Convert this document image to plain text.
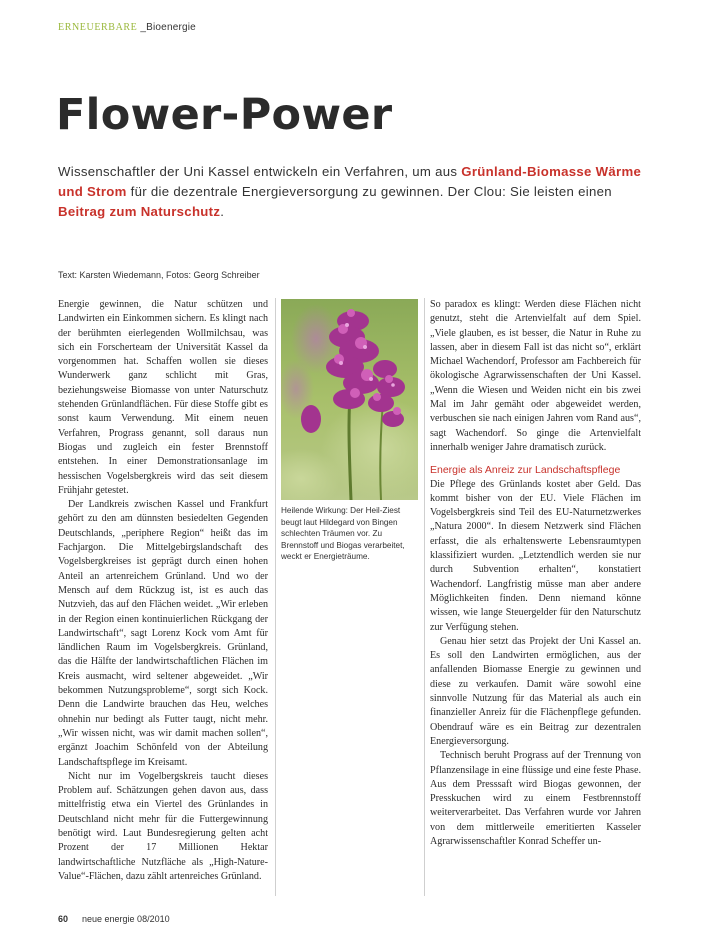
ERNEUERBARE _Bioenergie
Flower-Power
Wissenschaftler der Uni Kassel entwickeln ein Verfahren, um aus Grünland-Biomasse Wärme und Strom für die dezentrale Energieversorgung zu gewinnen. Der Clou: Sie leisten einen Beitrag zum Naturschutz.
Text: Karsten Wiedemann, Fotos: Georg Schreiber

Energie gewinnen, die Natur schützen und Landwirten ein Einkommen sichern. Es klingt nach der berühmten eierlegenden Wollmilchsau, was sich ein Forscherteam der Universität Kassel da vorgenommen hat. Schaffen wollen sie dieses Wunderwerk ganz schlicht mit Gras, beziehungsweise Biomasse von unter Naturschutz stehenden Grünlandflächen. Für diese Stoffe gibt es sonst kaum Verwendung. Mit einem neuen Verfahren, Prograss genannt, soll daraus nun Biogas und zugleich ein fester Brennstoff entstehen. In einer Demonstrationsanlage im hessischen Vogelsbergkreis wird das seit diesem Frühjahr getestet.

Der Landkreis zwischen Kassel und Frankfurt gehört zu den am dünnsten besiedelten Gegenden Deutschlands, „periphere Region“ heißt das im Fachjargon. Die Mittelgebirgslandschaft des Vogelsbergkreises ist geprägt durch einen hohen Anteil an artenreichem Grünland. Und wo der Mensch auf dem Rückzug ist, ist es auch das Nutzvieh, das auf den Flächen weidet. „Wir erleben in der Region einen kontinuierlichen Rückgang der Landwirtschaft“, sagt Lorenz Kock vom Amt für ländlichen Raum im Vogelsbergkreis. Grünland, das die Hälfte der landwirtschaftlichen Flächen im Kreis ausmacht, wird seltener abgeweidet. „Wir bekommen Nutzungsprobleme“, sorgt sich Kock. Denn die Landwirte brauchen das Heu, welches ohnehin nur bedingt als Futter taugt, nicht mehr. „Wir wissen nicht, was wir damit machen sollen“, ergänzt Joachim Schönfeld von der Abteilung Landschaftspflege im Kreisamt.

Nicht nur im Vogelbergskreis taucht dieses Problem auf. Schätzungen gehen davon aus, dass mittelfristig etwa ein Viertel des Grünlandes in Deutschland nicht mehr für die Futtergewinnung benötigt wird. Laut Bundesregierung gelten acht Prozent der 17 Millionen Hektar landwirtschaftliche Nutzfläche als „High-Nature-Value“-Flächen, dazu zählt artenreiches Grünland.

Heilende Wirkung: Der Heil-Ziest beugt laut Hildegard von Bingen schlechten Träumen vor. Zu Brennstoff und Biogas verarbeitet, weckt er Energieträume.

So paradox es klingt: Werden diese Flächen nicht genutzt, steht die Artenvielfalt auf dem Spiel. „Viele glauben, es ist besser, die Natur in Ruhe zu lassen, aber in diesem Fall ist das nicht so“, erklärt Michael Wachendorf, Professor am Fachbereich für ökologische Agrarwissenschaften der Uni Kassel. „Wenn die Wiesen und Weiden nicht ein bis zwei Mal im Jahr gemäht oder abgeweidet werden, verbuschen sie nach einigen Jahren vom Rand aus“, sagt Wachendorf. So ginge die Artenvielfalt innerhalb weniger Jahre dramatisch zurück.

Energie als Anreiz zur Landschaftspflege

Die Pflege des Grünlands kostet aber Geld. Das kommt bisher von der EU. Viele Flächen im Vogelsbergkreis sind Teil des EU-Naturnetzwerkes „Natura 2000“. In diesem Netzwerk sind Flächen erfasst, die als erhaltenswerte Lebensraumtypen klassifiziert wurden. „Letztendlich werden sie nur durch Subvention erhalten“, konstatiert Wachendorf. Langfristig müsse man aber andere Möglichkeiten finden. Denn niemand könne wissen, wie lange Steuergelder für den Naturschutz zur Verfügung stehen.

Genau hier setzt das Projekt der Uni Kassel an. Es soll den Landwirten ermöglichen, aus der anfallenden Biomasse Energie zu gewinnen und diese zu verkaufen. Damit wäre sowohl eine sinnvolle Nutzung für das Material als auch ein finanzieller Anreiz für die Flächenpflege gefunden. Obendrauf wäre es ein Beitrag zur dezentralen Energieversorgung.

Technisch beruht Prograss auf der Trennung von Pflanzensilage in eine flüssige und eine feste Phase. Aus dem Presssaft wird Biogas gewonnen, der Presskuchen wird zu einem Festbrennstoff weiterverarbeitet. Das Verfahren wurde vor Jahren von dem mittlerweile emeritierten Kasseler Agrarwissenschaftler Konrad Scheffer un-

60 neue energie 08/2010
